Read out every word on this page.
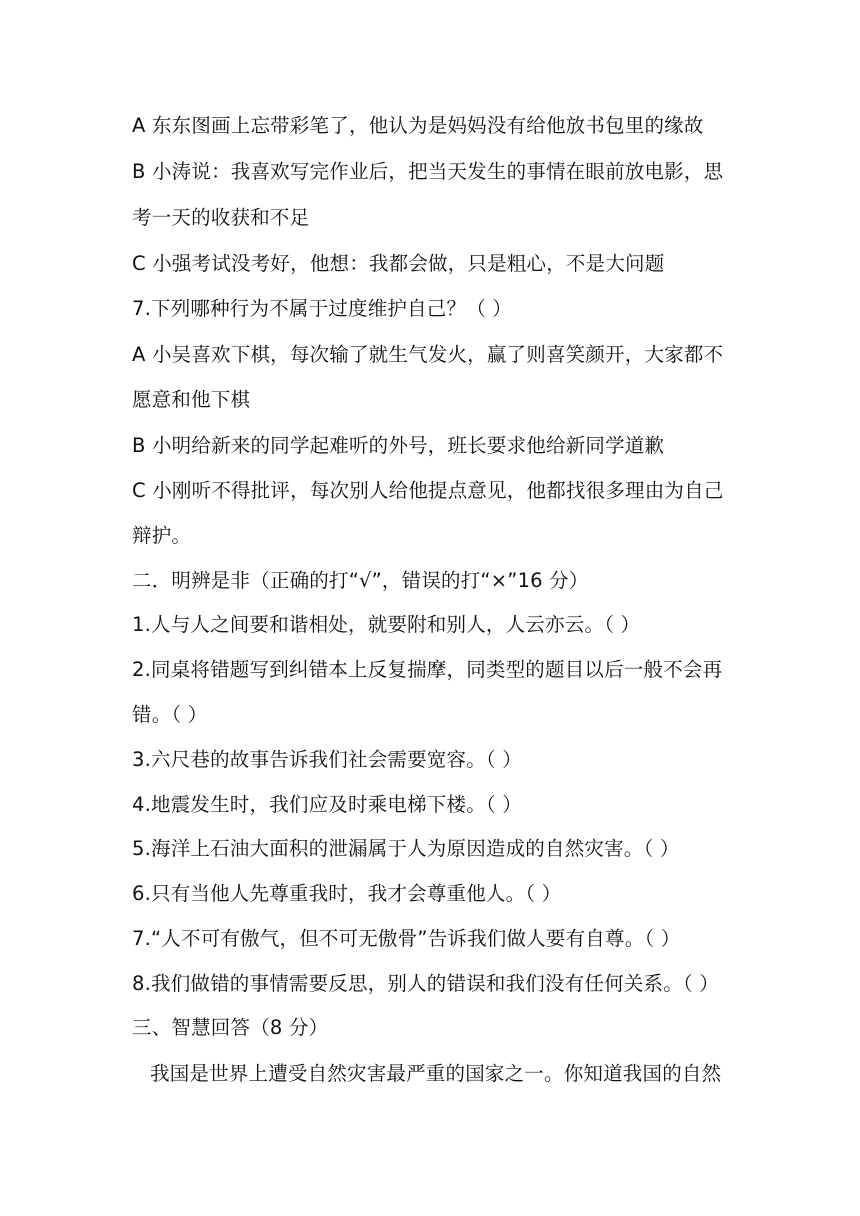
A 东东图画上忘带彩笔了，他认为是妈妈没有给他放书包里的缘故
B 小涛说：我喜欢写完作业后，把当天发生的事情在眼前放电影，思
考一天的收获和不足
C 小强考试没考好，他想：我都会做，只是粗心，不是大问题
7.下列哪种行为不属于过度维护自己？（ ）
A 小吴喜欢下棋，每次输了就生气发火，赢了则喜笑颜开，大家都不
愿意和他下棋
B 小明给新来的同学起难听的外号，班长要求他给新同学道歉
C 小刚听不得批评，每次别人给他提点意见，他都找很多理由为自己
辩护。
二．明辨是非（正确的打“√”，错误的打“×”16 分）
1.人与人之间要和谐相处，就要附和别人，人云亦云。（ ）
2.同桌将错题写到纠错本上反复揣摩，同类型的题目以后一般不会再
错。（ ）
3.六尺巷的故事告诉我们社会需要宽容。（ ）
4.地震发生时，我们应及时乘电梯下楼。（ ）
5.海洋上石油大面积的泄漏属于人为原因造成的自然灾害。（ ）
6.只有当他人先尊重我时，我才会尊重他人。（ ）
7.“人不可有傲气，但不可无傲骨”告诉我们做人要有自尊。（ ）
8.我们做错的事情需要反思，别人的错误和我们没有任何关系。（ ）
三、智慧回答（8 分）
我国是世界上遭受自然灾害最严重的国家之一。你知道我国的自然
